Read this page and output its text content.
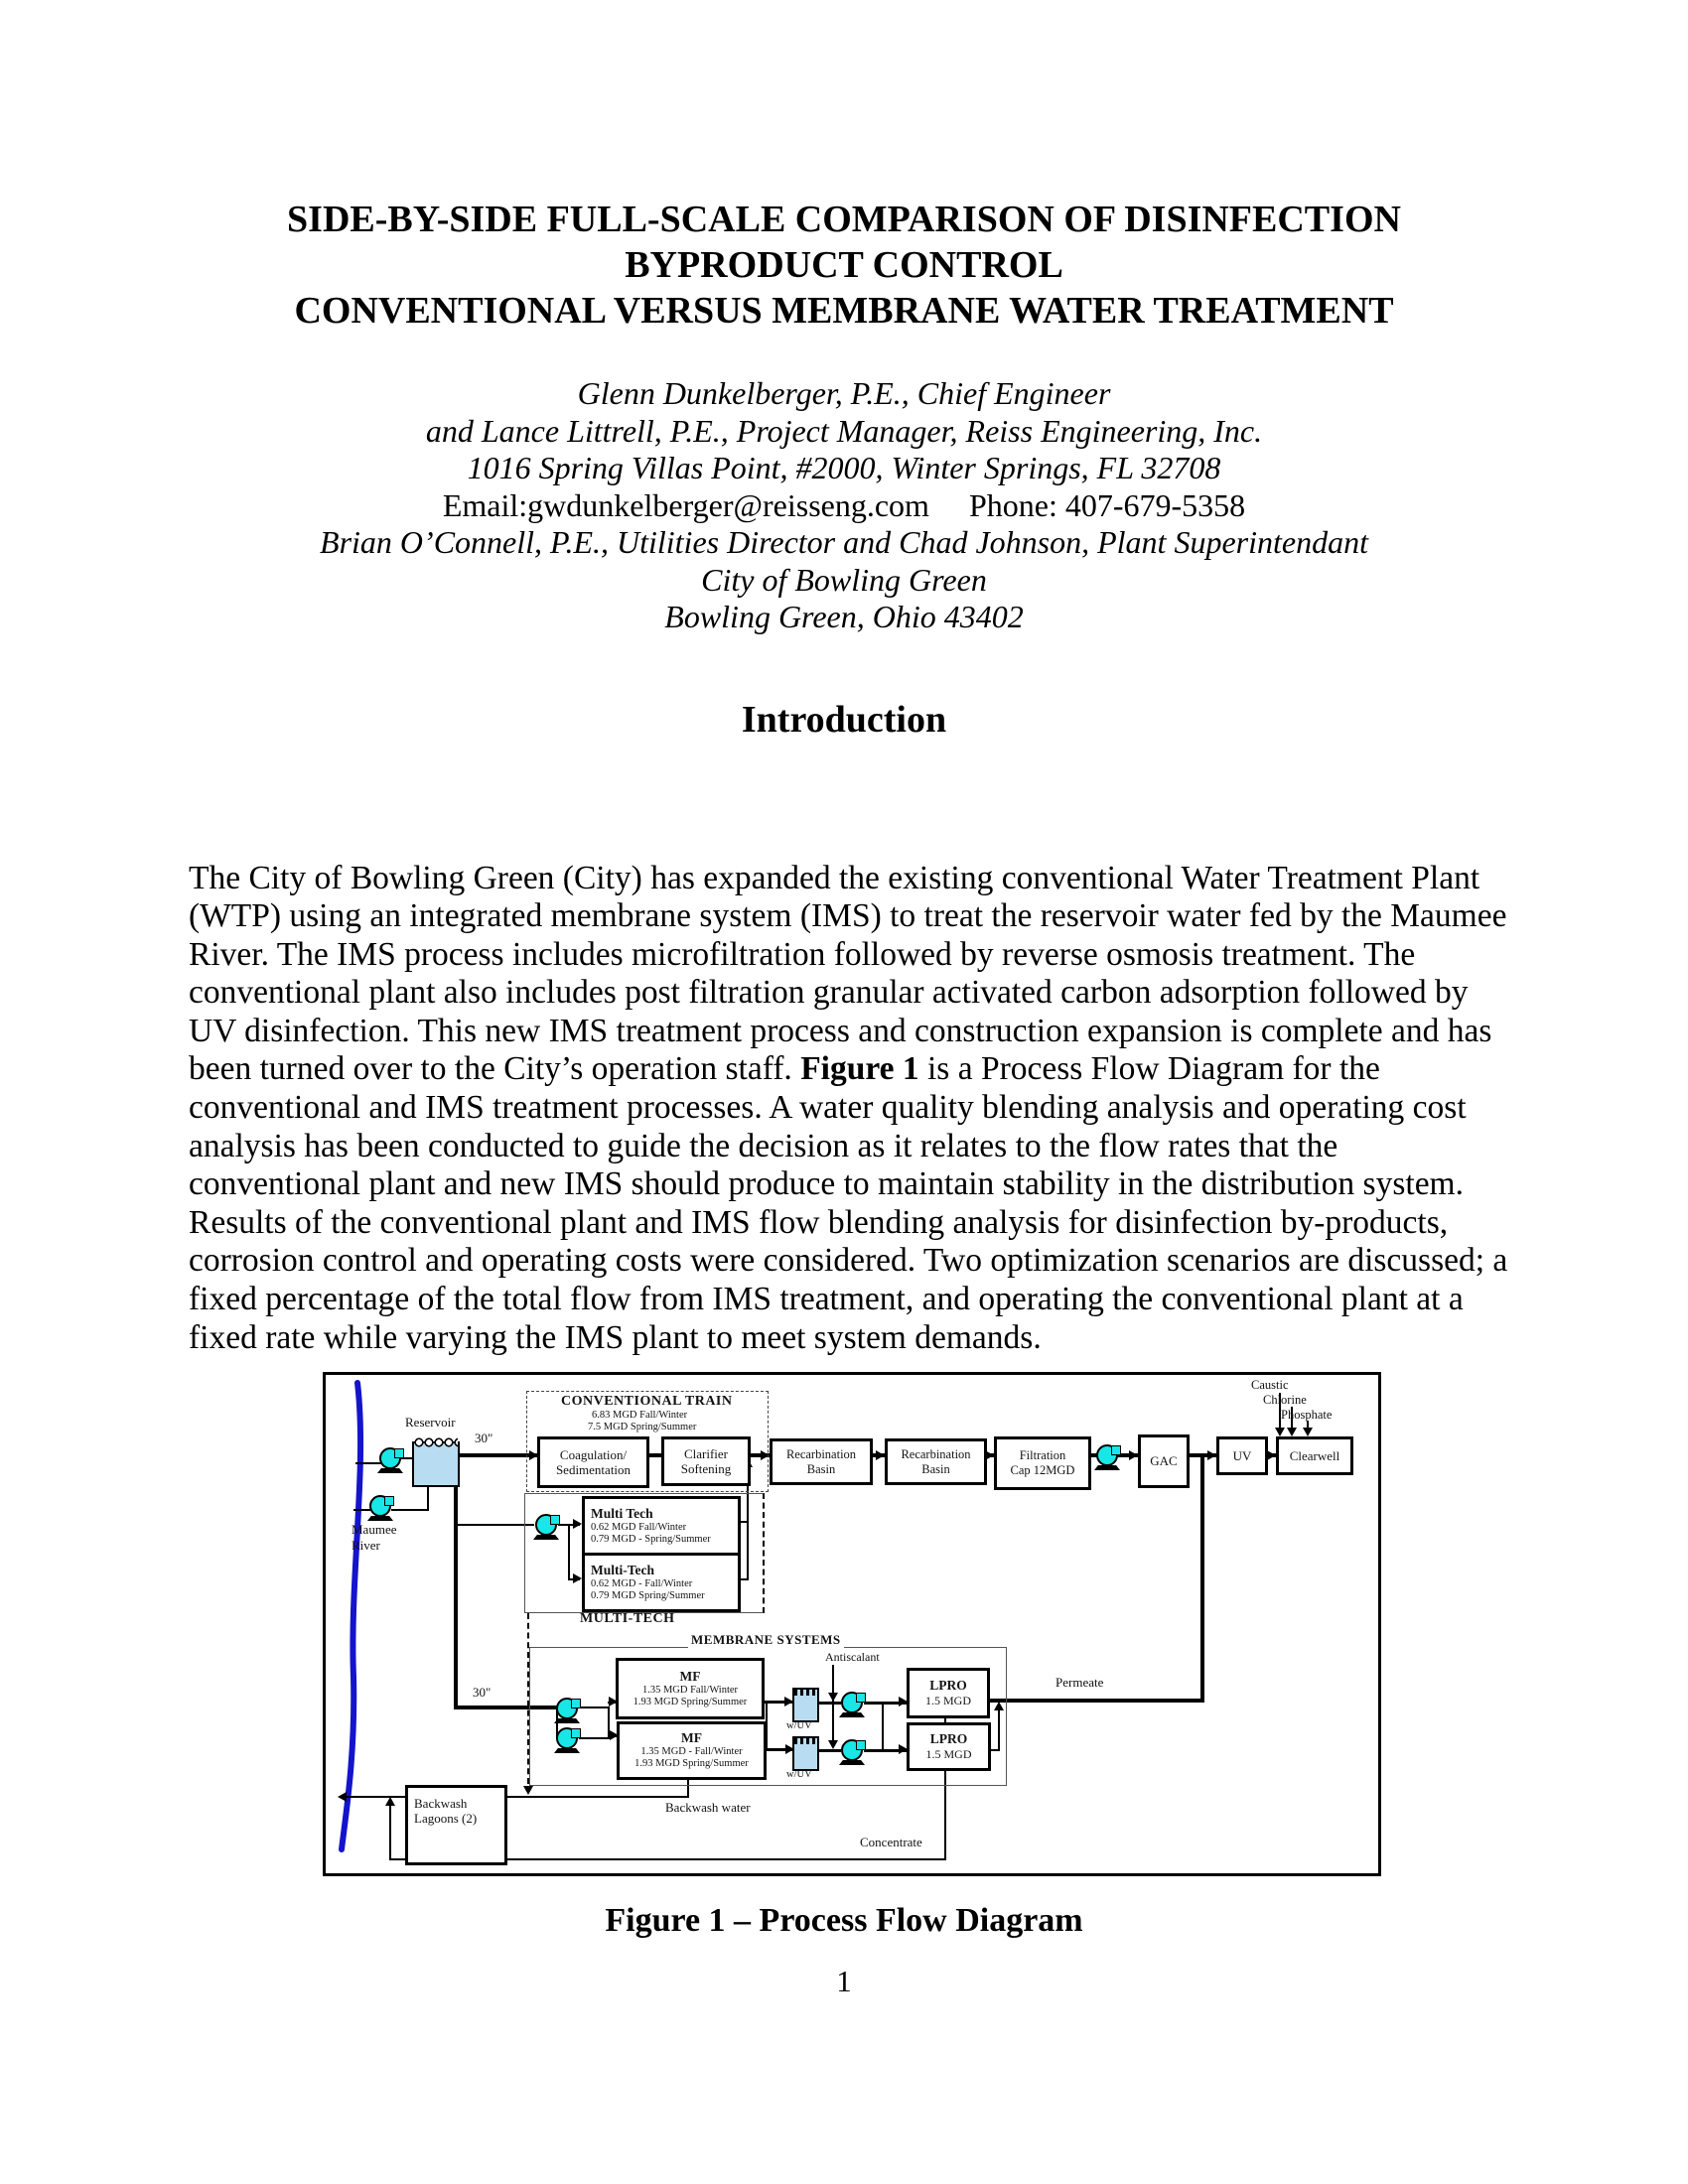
SIDE-BY-SIDE FULL-SCALE COMPARISON OF DISINFECTION
BYPRODUCT CONTROL
CONVENTIONAL VERSUS MEMBRANE WATER TREATMENT
Glenn Dunkelberger, P.E., Chief Engineer
and Lance Littrell, P.E., Project Manager, Reiss Engineering, Inc.
1016 Spring Villas Point, #2000, Winter Springs, FL 32708
Email:gwdunkelberger@reisseng.com     Phone: 407-679-5358
Brian O’Connell, P.E., Utilities Director and Chad Johnson, Plant Superintendant
City of Bowling Green
Bowling Green, Ohio 43402
Introduction

The City of Bowling Green (City) has expanded the existing conventional Water Treatment Plant (WTP) using an integrated membrane system (IMS) to treat the reservoir water fed by the Maumee River. The IMS process includes microfiltration followed by reverse osmosis treatment. The conventional plant also includes post filtration granular activated carbon adsorption followed by UV disinfection. This new IMS treatment process and construction expansion is complete and has been turned over to the City’s operation staff. Figure 1 is a Process Flow Diagram for the conventional and IMS treatment processes. A water quality blending analysis and operating cost analysis has been conducted to guide the decision as it relates to the flow rates that the conventional plant and new IMS should produce to maintain stability in the distribution system. Results of the conventional plant and IMS flow blending analysis for disinfection by-products, corrosion control and operating costs were considered. Two optimization scenarios are discussed; a fixed percentage of the total flow from IMS treatment, and operating the conventional plant at a fixed rate while varying the IMS plant to meet system demands.

Maumee
River
Caustic
Chlorine
Phosphate
Reservoir
30"
30"
CONVENTIONAL TRAIN
6.83 MGD Fall/Winter
7.5 MGD Spring/Summer
Coagulation/
Sedimentation
Clarifier
Softening
Recarbination
Basin
Recarbination
Basin
Filtration
Cap 12MGD
GAC	UV	Clearwell
Multi Tech
0.62 MGD Fall/Winter
0.79 MGD - Spring/Summer
Multi-Tech
0.62 MGD - Fall/Winter
0.79 MGD Spring/Summer
MULTI-TECH
MEMBRANE SYSTEMS
MF
1.35 MGD Fall/Winter
1.93 MGD Spring/Summer
MF
1.35 MGD - Fall/Winter
1.93 MGD Spring/Summer
w/UV
w/UV
LPRO
1.5 MGD
LPRO
1.5 MGD
Antiscalant
Permeate
Concentrate
Backwash
Lagoons (2)
Backwash water
Figure 1 – Process Flow Diagram
1
